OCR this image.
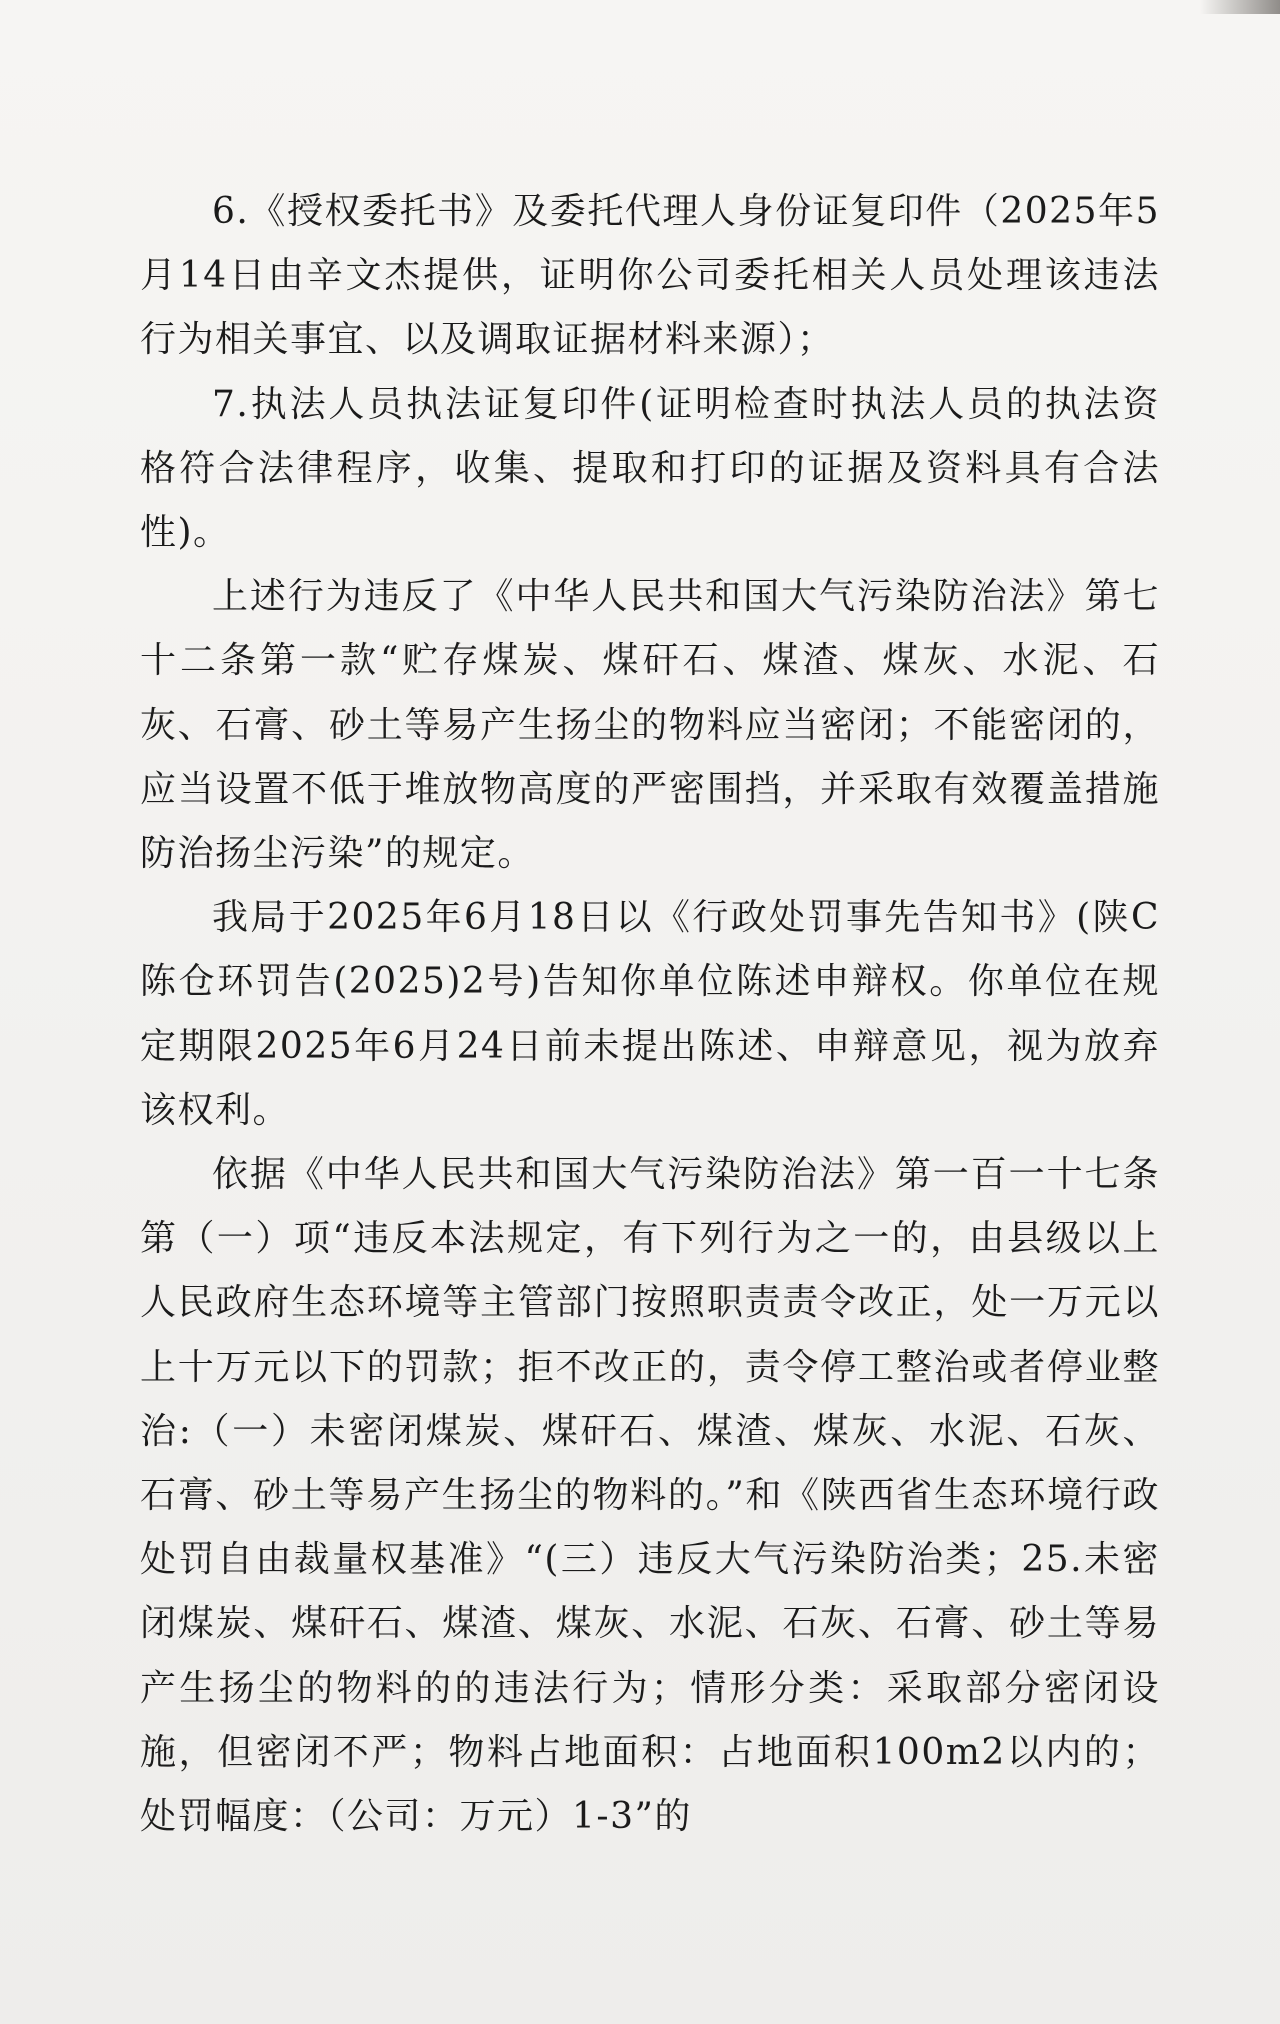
6.《授权委托书》及委托代理人身份证复印件（2025年5月14日由辛文杰提供，证明你公司委托相关人员处理该违法行为相关事宜、以及调取证据材料来源）；

7.执法人员执法证复印件(证明检查时执法人员的执法资格符合法律程序，收集、提取和打印的证据及资料具有合法性)。

上述行为违反了《中华人民共和国大气污染防治法》第七十二条第一款“贮存煤炭、煤矸石、煤渣、煤灰、水泥、石灰、石膏、砂土等易产生扬尘的物料应当密闭；不能密闭的，应当设置不低于堆放物高度的严密围挡，并采取有效覆盖措施防治扬尘污染”的规定。

我局于2025年6月18日以《行政处罚事先告知书》(陕C陈仓环罚告(2025)2号)告知你单位陈述申辩权。你单位在规定期限2025年6月24日前未提出陈述、申辩意见，视为放弃该权利。

依据《中华人民共和国大气污染防治法》第一百一十七条第（一）项“违反本法规定，有下列行为之一的，由县级以上人民政府生态环境等主管部门按照职责责令改正，处一万元以上十万元以下的罚款；拒不改正的，责令停工整治或者停业整治:（一）未密闭煤炭、煤矸石、煤渣、煤灰、水泥、石灰、石膏、砂土等易产生扬尘的物料的。”和《陕西省生态环境行政处罚自由裁量权基准》“(三）违反大气污染防治类；25.未密闭煤炭、煤矸石、煤渣、煤灰、水泥、石灰、石膏、砂土等易产生扬尘的物料的的违法行为；情形分类：采取部分密闭设施，但密闭不严；物料占地面积：占地面积100m2以内的；处罚幅度：（公司：万元）1-3”的
